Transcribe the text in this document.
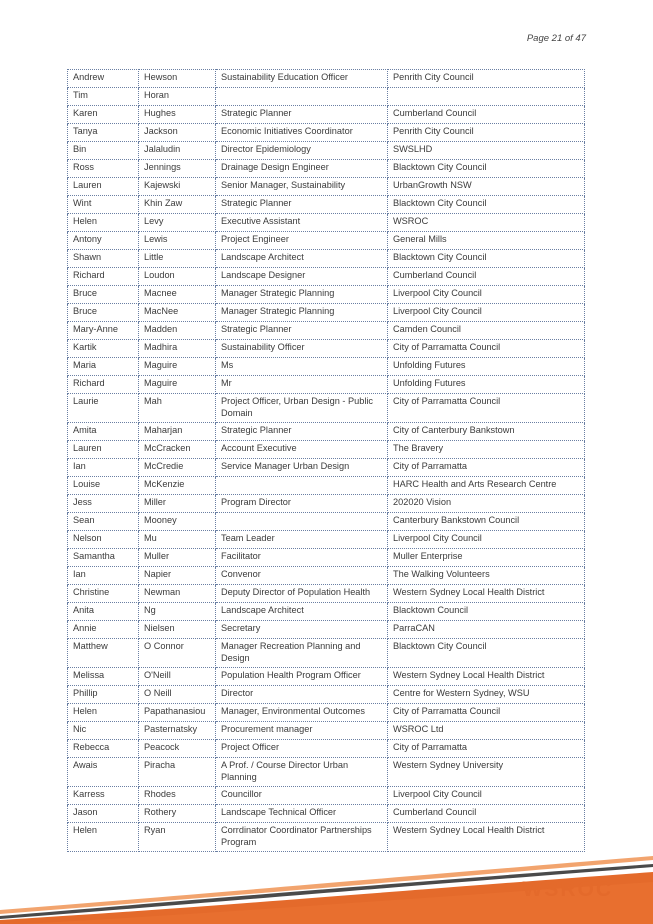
Page 21 of 47
Andrew	Hewson	Sustainability Education Officer	Penrith City Council
Tim	Horan		
Karen	Hughes	Strategic Planner	Cumberland Council
Tanya	Jackson	Economic Initiatives Coordinator	Penrith City Council
Bin	Jalaludin	Director Epidemiology	SWSLHD
Ross	Jennings	Drainage Design Engineer	Blacktown City Council
Lauren	Kajewski	Senior Manager, Sustainability	UrbanGrowth NSW
Wint	Khin Zaw	Strategic Planner	Blacktown City Council
Helen	Levy	Executive Assistant	WSROC
Antony	Lewis	Project Engineer	General Mills
Shawn	Little	Landscape Architect	Blacktown City Council
Richard	Loudon	Landscape Designer	Cumberland Council
Bruce	Macnee	Manager Strategic Planning	Liverpool City Council
Bruce	MacNee	Manager Strategic Planning	Liverpool City Council
Mary-Anne	Madden	Strategic Planner	Camden Council
Kartik	Madhira	Sustainability Officer	City of Parramatta Council
Maria	Maguire	Ms	Unfolding Futures
Richard	Maguire	Mr	Unfolding Futures
Laurie	Mah	Project Officer, Urban Design - Public Domain	City of Parramatta Council
Amita	Maharjan	Strategic Planner	City of Canterbury Bankstown
Lauren	McCracken	Account Executive	The Bravery
Ian	McCredie	Service Manager Urban Design	City of Parramatta
Louise	McKenzie		HARC Health and Arts Research Centre
Jess	Miller	Program Director	202020 Vision
Sean	Mooney		Canterbury Bankstown Council
Nelson	Mu	Team Leader	Liverpool City Council
Samantha	Muller	Facilitator	Muller Enterprise
Ian	Napier	Convenor	The Walking Volunteers
Christine	Newman	Deputy Director of Population Health	Western Sydney Local Health District
Anita	Ng	Landscape Architect	Blacktown Council
Annie	Nielsen	Secretary	ParraCAN
Matthew	O Connor	Manager Recreation Planning and Design	Blacktown City Council
Melissa	O'Neill	Population Health Program Officer	Western Sydney Local Health District
Phillip	O Neill	Director	Centre for Western Sydney, WSU
Helen	Papathanasiou	Manager, Environmental Outcomes	City of Parramatta Council
Nic	Pasternatsky	Procurement manager	WSROC Ltd
Rebecca	Peacock	Project Officer	City of Parramatta
Awais	Piracha	A Prof. / Course Director Urban Planning	Western Sydney University
Karress	Rhodes	Councillor	Liverpool City Council
Jason	Rothery	Landscape Technical Officer	Cumberland Council
Helen	Ryan	Corrdinator Coordinator Partnerships Program	Western Sydney Local Health District
WSROC
